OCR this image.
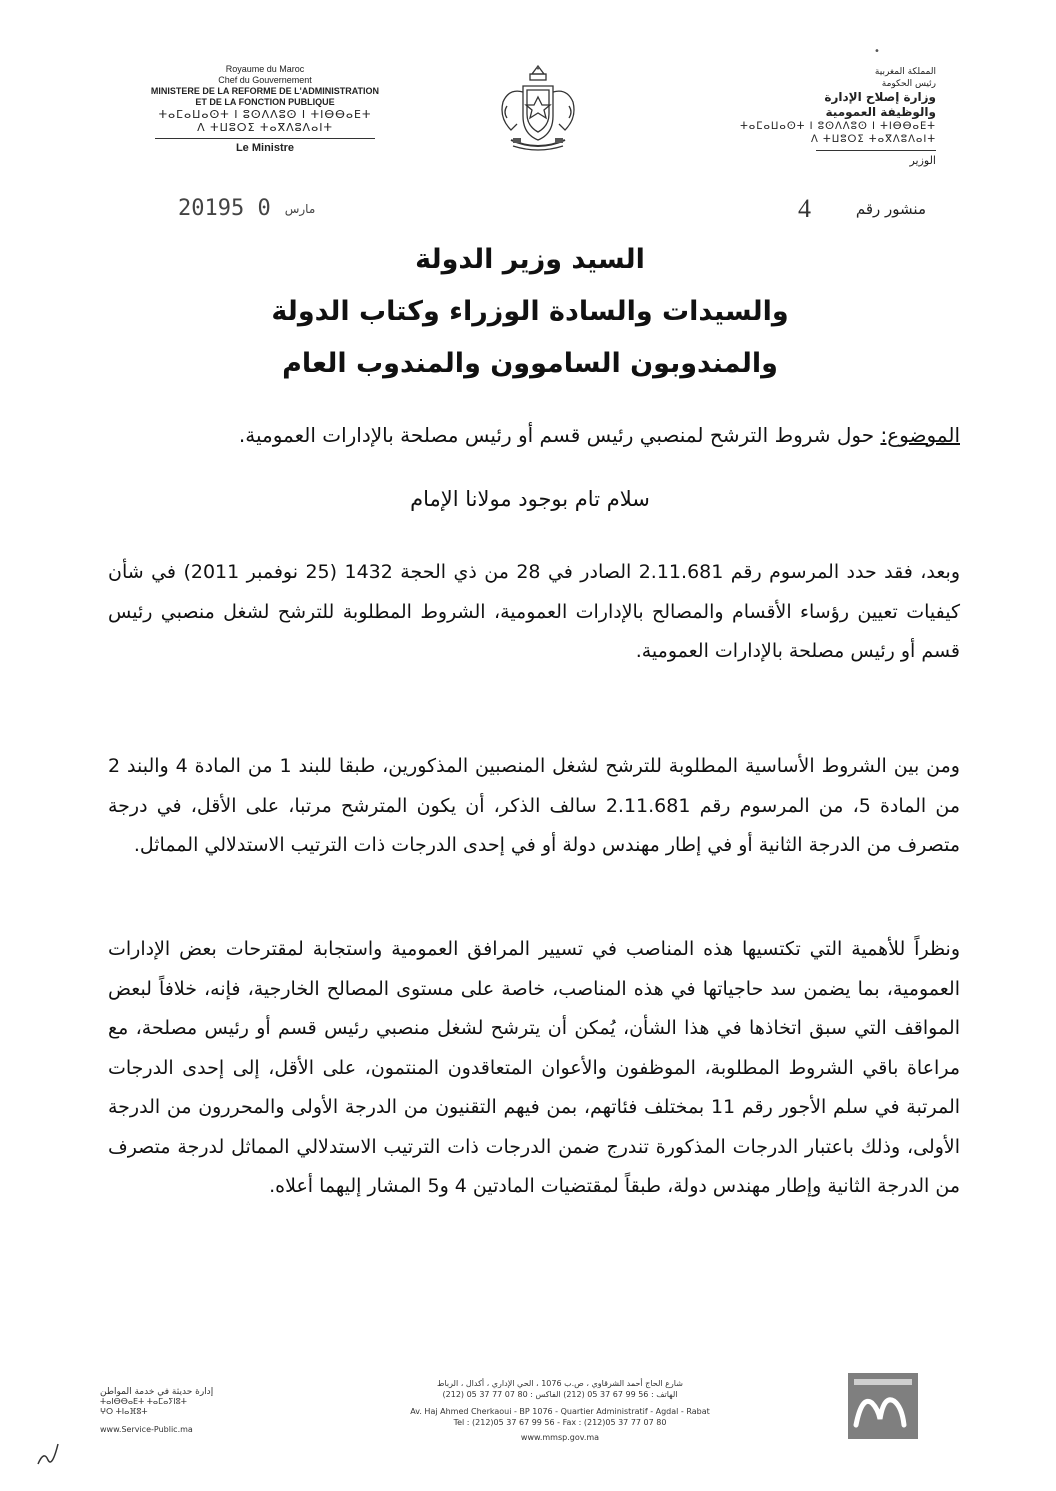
Royaume du Maroc
Chef du Gouvernement
MINISTERE DE LA REFORME DE L'ADMINISTRATION
ET DE LA FONCTION PUBLIQUE
ⵜⴰⵎⴰⵡⴰⵙⵜ ⵏ ⵓⵙⴷⴷⵓⵙ ⵏ ⵜⵏⴱⴱⴰⴹⵜ
ⴷ ⵜⵡⵓⵔⵉ ⵜⴰⴳⴷⵓⴷⴰⵏⵜ
Le Ministre
المملكة المغربية
رئيس الحكومة
وزارة إصلاح الإدارة
والوظيفة العمومية
ⵜⴰⵎⴰⵡⴰⵙⵜ ⵏ ⵓⵙⴷⴷⵓⵙ ⵏ ⵜⵏⴱⴱⴰⴹⵜ
ⴷ ⵜⵡⵓⵔⵉ ⵜⴰⴳⴷⵓⴷⴰⵏⵜ
الوزير
•
2019	مارس0 5	منشور رقم
4
السيد وزير الدولة
والسيدات والسادة الوزراء وكتاب الدولة
والمندوبون الساموون والمندوب العام
الموضوع: حول شروط الترشح لمنصبي رئيس قسم أو رئيس مصلحة بالإدارات العمومية.
سلام تام بوجود مولانا الإمام

وبعد، فقد حدد المرسوم رقم 2.11.681 الصادر في 28 من ذي الحجة 1432 (25 نوفمبر 2011) في شأن كيفيات تعيين رؤساء الأقسام والمصالح بالإدارات العمومية، الشروط المطلوبة للترشح لشغل منصبي رئيس قسم أو رئيس مصلحة بالإدارات العمومية.

ومن بين الشروط الأساسية المطلوبة للترشح لشغل المنصبين المذكورين، طبقا للبند 1 من المادة 4 والبند 2 من المادة 5، من المرسوم رقم 2.11.681 سالف الذكر، أن يكون المترشح مرتبا، على الأقل، في درجة متصرف من الدرجة الثانية أو في إطار مهندس دولة أو في إحدى الدرجات ذات الترتيب الاستدلالي المماثل.

ونظراً للأهمية التي تكتسيها هذه المناصب في تسيير المرافق العمومية واستجابة لمقترحات بعض الإدارات العمومية، بما يضمن سد حاجياتها في هذه المناصب، خاصة على مستوى المصالح الخارجية، فإنه، خلافاً لبعض المواقف التي سبق اتخاذها في هذا الشأن، يُمكن أن يترشح لشغل منصبي رئيس قسم أو رئيس مصلحة، مع مراعاة باقي الشروط المطلوبة، الموظفون والأعوان المتعاقدون المنتمون، على الأقل، إلى إحدى الدرجات المرتبة في سلم الأجور رقم 11 بمختلف فئاتهم، بمن فيهم التقنيون من الدرجة الأولى والمحررون من الدرجة الأولى، وذلك باعتبار الدرجات المذكورة تندرج ضمن الدرجات ذات الترتيب الاستدلالي المماثل لدرجة متصرف من الدرجة الثانية وإطار مهندس دولة، طبقاً لمقتضيات المادتين 4 و5 المشار إليهما أعلاه.

إدارة حديثة في خدمة المواطن
ⵜⴰⵏⴱⴱⴰⴹⵜ ⵜⴰⵎⴰⵢⵏⵓⵜ
ⵖⵔ ⵜⵏⴰⴼⵓⵜ
www.Service-Public.ma
شارع الحاج أحمد الشرقاوي ، ص.ب 1076 ، الحي الإداري ، أكدال ، الرباط
الهاتف : 56 99 67 37 05 (212) الفاكس : 80 07 77 37 05 (212)
Av. Haj Ahmed Cherkaoui - BP 1076 - Quartier Administratif - Agdal - Rabat
Tel : (212)05 37 67 99 56 - Fax : (212)05 37 77 07 80
www.mmsp.gov.ma
